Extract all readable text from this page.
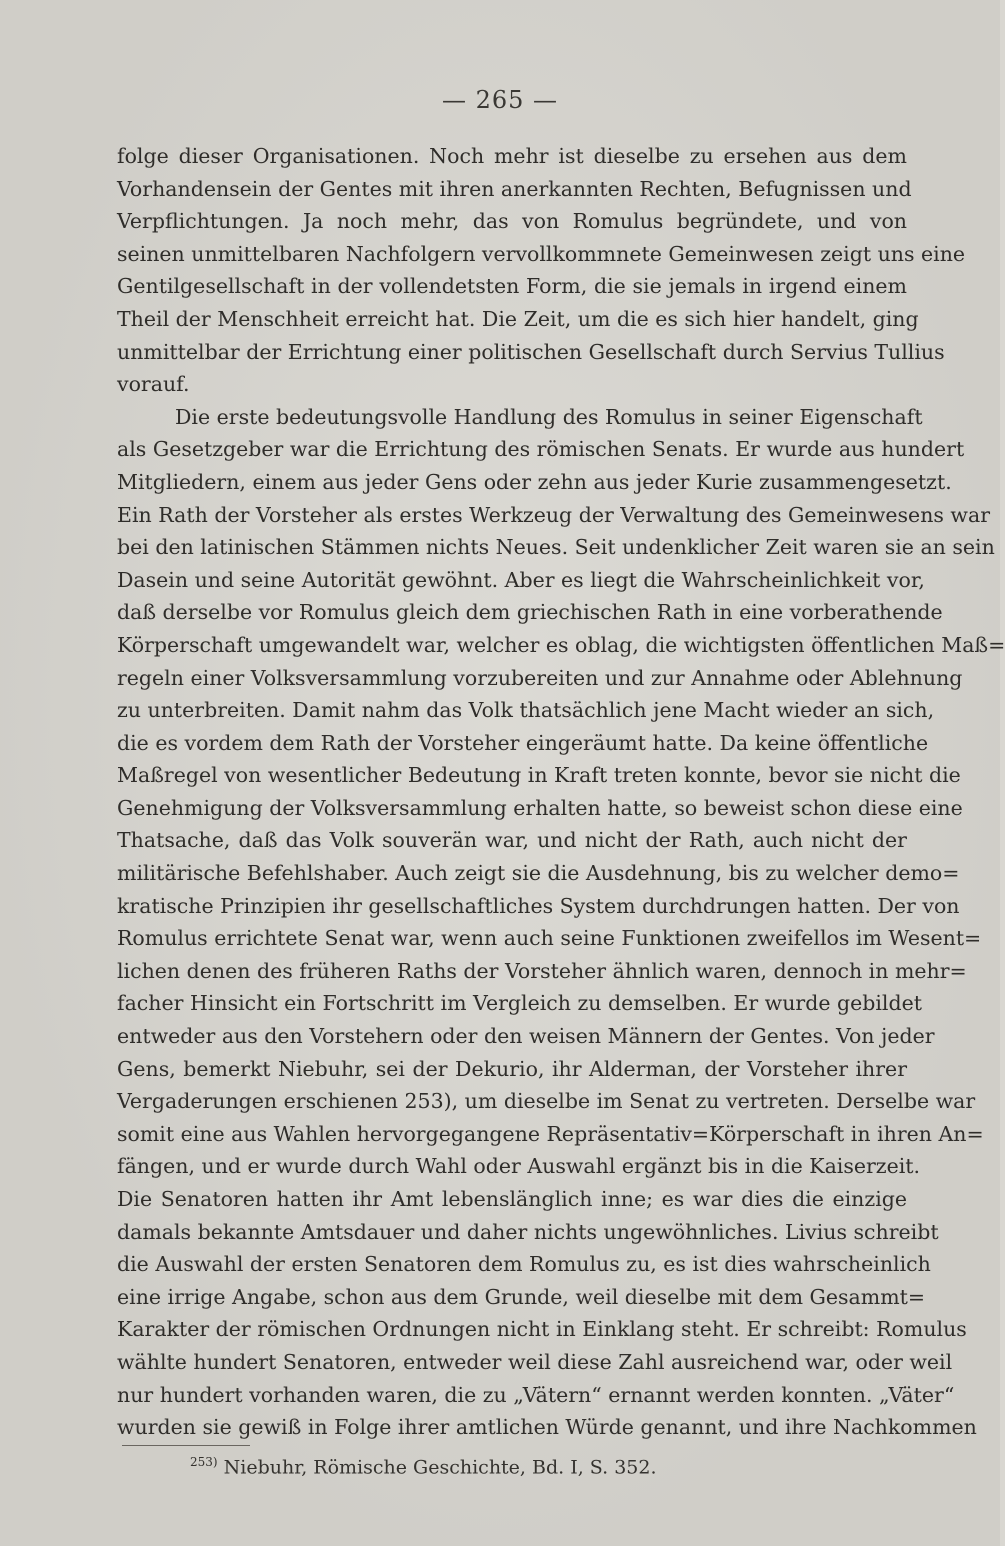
— 265 —
folge dieser Organisationen. Noch mehr ist dieselbe zu ersehen aus dem
Vorhandensein der Gentes mit ihren anerkannten Rechten, Befugnissen und
Verpflichtungen. Ja noch mehr, das von Romulus begründete, und von
seinen unmittelbaren Nachfolgern vervollkommnete Gemeinwesen zeigt uns eine
Gentilgesellschaft in der vollendetsten Form, die sie jemals in irgend einem
Theil der Menschheit erreicht hat. Die Zeit, um die es sich hier handelt, ging
unmittelbar der Errichtung einer politischen Gesellschaft durch Servius Tullius
vorauf.
Die erste bedeutungsvolle Handlung des Romulus in seiner Eigenschaft
als Gesetzgeber war die Errichtung des römischen Senats. Er wurde aus hundert
Mitgliedern, einem aus jeder Gens oder zehn aus jeder Kurie zusammengesetzt.
Ein Rath der Vorsteher als erstes Werkzeug der Verwaltung des Gemeinwesens war
bei den latinischen Stämmen nichts Neues. Seit undenklicher Zeit waren sie an sein
Dasein und seine Autorität gewöhnt. Aber es liegt die Wahrscheinlichkeit vor,
daß derselbe vor Romulus gleich dem griechischen Rath in eine vorberathende
Körperschaft umgewandelt war, welcher es oblag, die wichtigsten öffentlichen Maß=
regeln einer Volksversammlung vorzubereiten und zur Annahme oder Ablehnung
zu unterbreiten. Damit nahm das Volk thatsächlich jene Macht wieder an sich,
die es vordem dem Rath der Vorsteher eingeräumt hatte. Da keine öffentliche
Maßregel von wesentlicher Bedeutung in Kraft treten konnte, bevor sie nicht die
Genehmigung der Volksversammlung erhalten hatte, so beweist schon diese eine
Thatsache, daß das Volk souverän war, und nicht der Rath, auch nicht der
militärische Befehlshaber. Auch zeigt sie die Ausdehnung, bis zu welcher demo=
kratische Prinzipien ihr gesellschaftliches System durchdrungen hatten. Der von
Romulus errichtete Senat war, wenn auch seine Funktionen zweifellos im Wesent=
lichen denen des früheren Raths der Vorsteher ähnlich waren, dennoch in mehr=
facher Hinsicht ein Fortschritt im Vergleich zu demselben. Er wurde gebildet
entweder aus den Vorstehern oder den weisen Männern der Gentes. Von jeder
Gens, bemerkt Niebuhr, sei der Dekurio, ihr Alderman, der Vorsteher ihrer
Vergaderungen erschienen 253), um dieselbe im Senat zu vertreten. Derselbe war
somit eine aus Wahlen hervorgegangene Repräsentativ=Körperschaft in ihren An=
fängen, und er wurde durch Wahl oder Auswahl ergänzt bis in die Kaiserzeit.
Die Senatoren hatten ihr Amt lebenslänglich inne; es war dies die einzige
damals bekannte Amtsdauer und daher nichts ungewöhnliches. Livius schreibt
die Auswahl der ersten Senatoren dem Romulus zu, es ist dies wahrscheinlich
eine irrige Angabe, schon aus dem Grunde, weil dieselbe mit dem Gesammt=
Karakter der römischen Ordnungen nicht in Einklang steht. Er schreibt: Romulus
wählte hundert Senatoren, entweder weil diese Zahl ausreichend war, oder weil
nur hundert vorhanden waren, die zu „Vätern“ ernannt werden konnten. „Väter“
wurden sie gewiß in Folge ihrer amtlichen Würde genannt, und ihre Nachkommen
$^{253)}$ Niebuhr, Römische Geschichte, Bd. I, S. 352.
